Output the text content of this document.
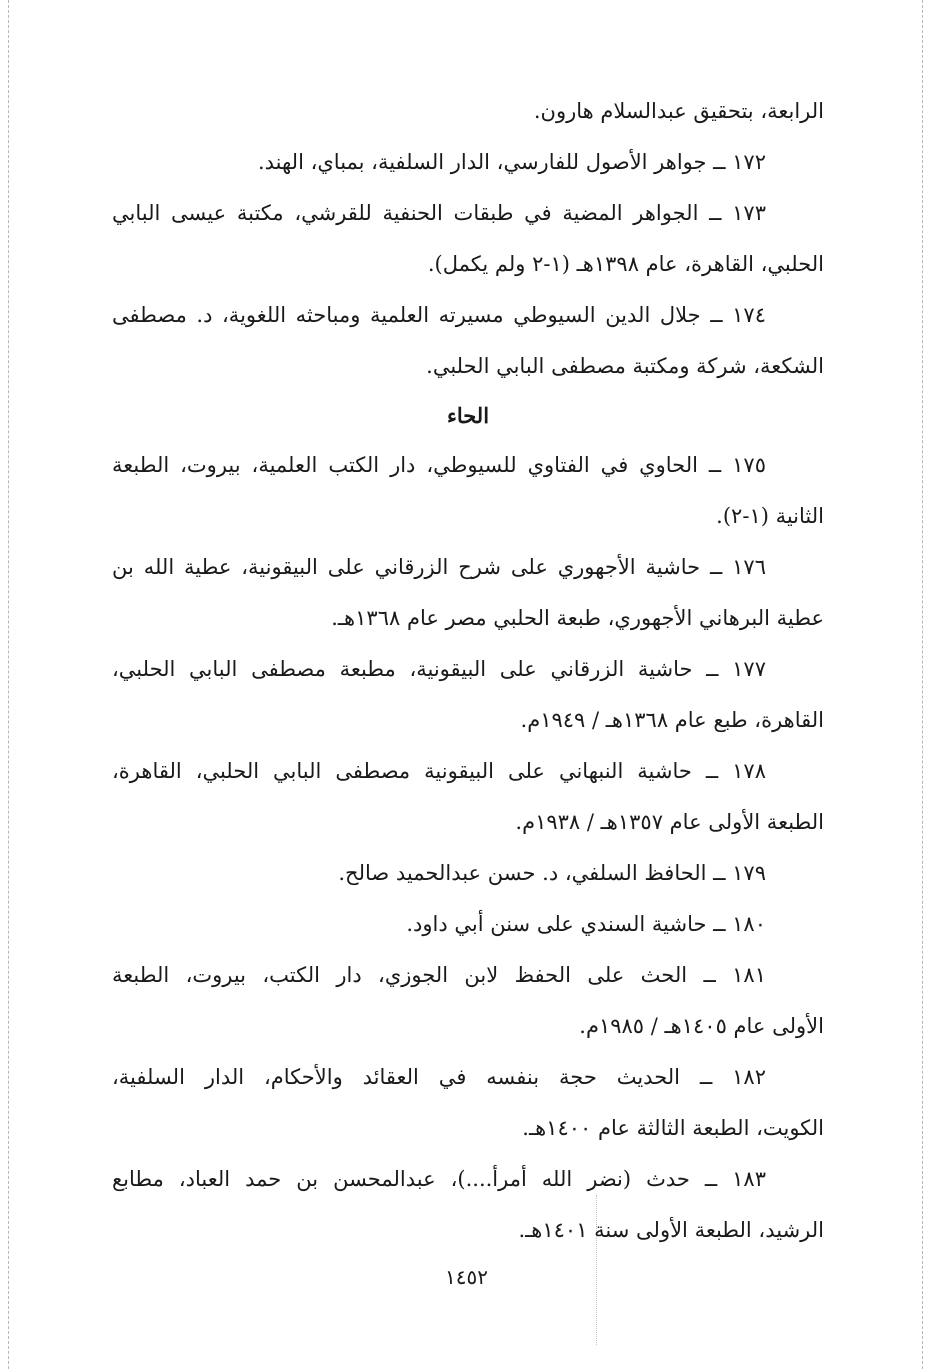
الرابعة، بتحقيق عبدالسلام هارون.
١٧٢ ــ جواهر الأصول للفارسي، الدار السلفية، بمباي، الهند.
١٧٣ ــ الجواهر المضية في طبقات الحنفية للقرشي، مكتبة عيسى البابي
الحلبي، القاهرة، عام ١٣٩٨هـ (١-٢ ولم يكمل).
١٧٤ ــ جلال الدين السيوطي مسيرته العلمية ومباحثه اللغوية، د. مصطفى
الشكعة، شركة ومكتبة مصطفى البابي الحلبي.
الحاء
١٧٥ ــ الحاوي في الفتاوي للسيوطي، دار الكتب العلمية، بيروت، الطبعة
الثانية (١-٢).
١٧٦ ــ حاشية الأجهوري على شرح الزرقاني على البيقونية، عطية الله بن
عطية البرهاني الأجهوري، طبعة الحلبي مصر عام ١٣٦٨هـ.
١٧٧ ــ حاشية الزرقاني على البيقونية، مطبعة مصطفى البابي الحلبي،
القاهرة، طبع عام ١٣٦٨هـ / ١٩٤٩م.
١٧٨ ــ حاشية النبهاني على البيقونية مصطفى البابي الحلبي، القاهرة،
الطبعة الأولى عام ١٣٥٧هـ / ١٩٣٨م.
١٧٩ ــ الحافظ السلفي، د. حسن عبدالحميد صالح.
١٨٠ ــ حاشية السندي على سنن أبي داود.
١٨١ ــ الحث على الحفظ لابن الجوزي، دار الكتب، بيروت، الطبعة
الأولى عام ١٤٠٥هـ / ١٩٨٥م.
١٨٢ ــ الحديث حجة بنفسه في العقائد والأحكام، الدار السلفية،
الكويت، الطبعة الثالثة عام ١٤٠٠هـ.
١٨٣ ــ حدث (نضر الله أمرأ....)، عبدالمحسن بن حمد العباد، مطابع
الرشيد، الطبعة الأولى سنة ١٤٠١هـ.
١٤٥٢
